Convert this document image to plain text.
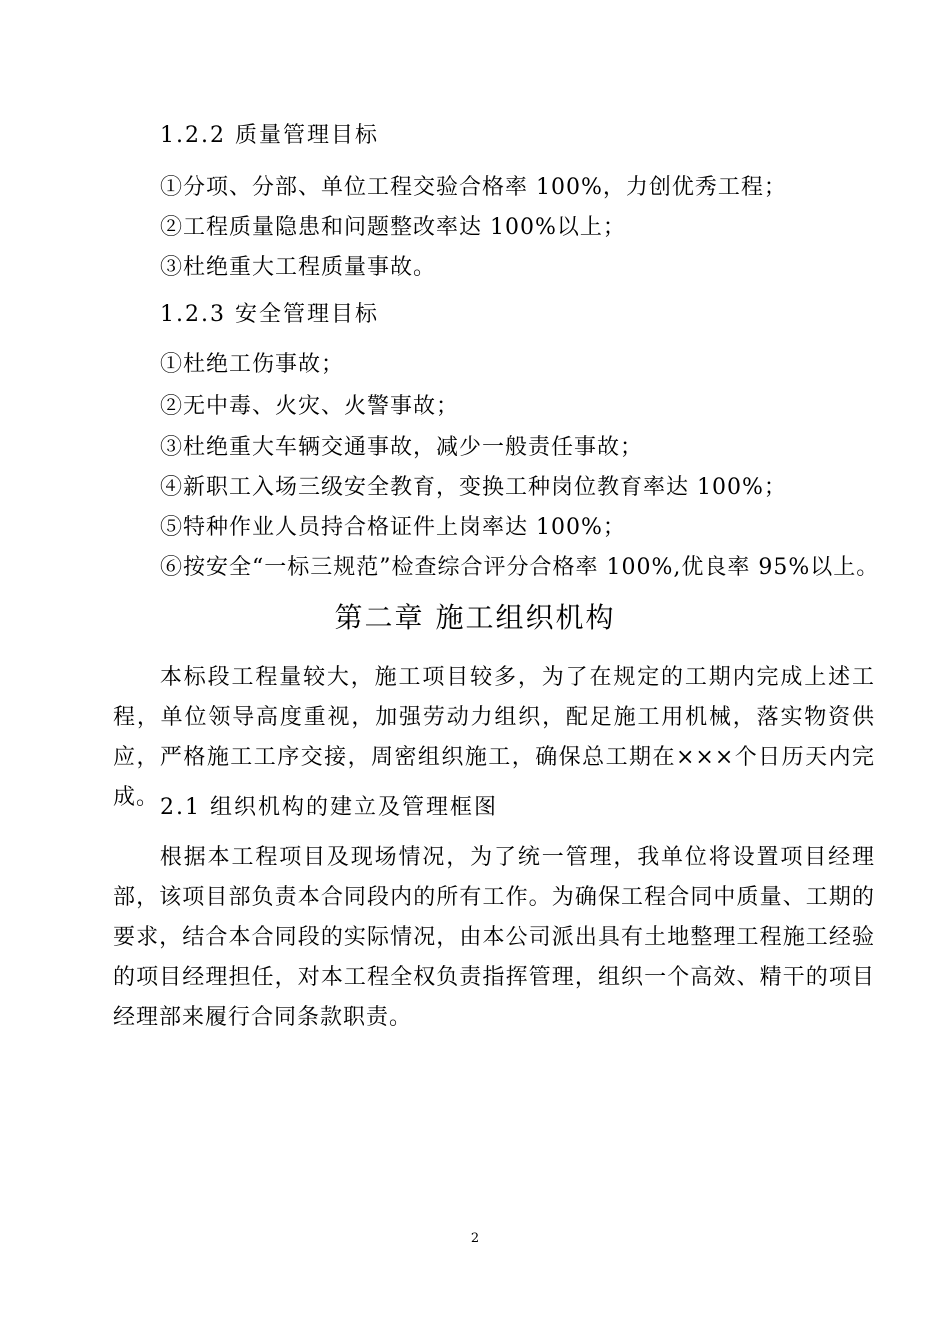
1.2.2 质量管理目标
①分项、分部、单位工程交验合格率 100%，力创优秀工程；
②工程质量隐患和问题整改率达 100%以上；
③杜绝重大工程质量事故。
1.2.3 安全管理目标
①杜绝工伤事故；
②无中毒、火灾、火警事故；
③杜绝重大车辆交通事故，减少一般责任事故；
④新职工入场三级安全教育，变换工种岗位教育率达 100%；
⑤特种作业人员持合格证件上岗率达 100%；
⑥按安全“一标三规范”检查综合评分合格率 100%,优良率 95%以上。
第二章 施工组织机构
本标段工程量较大，施工项目较多，为了在规定的工期内完成上述工程，单位领导高度重视，加强劳动力组织，配足施工用机械，落实物资供应，严格施工工序交接，周密组织施工，确保总工期在×××个日历天内完成。 2.1 组织机构的建立及管理框图
根据本工程项目及现场情况，为了统一管理，我单位将设置项目经理部，该项目部负责本合同段内的所有工作。为确保工程合同中质量、工期的要求，结合本合同段的实际情况，由本公司派出具有土地整理工程施工经验的项目经理担任，对本工程全权负责指挥管理，组织一个高效、精干的项目经理部来履行合同条款职责。
2
